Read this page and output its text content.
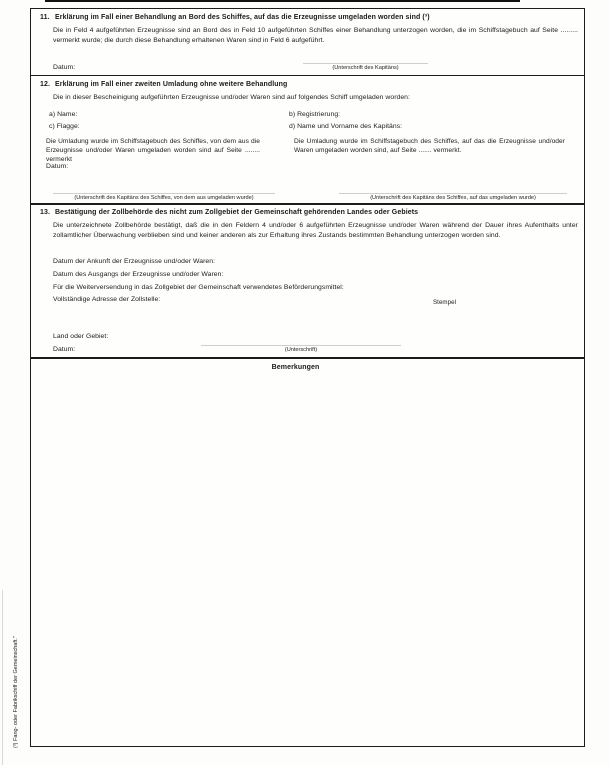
(³) Fang- oder Fabrikschiff der Gemeinschaft."
11. Erklärung im Fall einer Behandlung an Bord des Schiffes, auf das die Erzeugnisse umgeladen worden sind (³)

Die in Feld 4 aufgeführten Erzeugnisse sind an Bord des in Feld 10 aufgeführten Schiffes einer Behandlung unterzogen worden, die im Schiffstagebuch auf Seite ......... vermerkt wurde; die durch diese Behandlung erhaltenen Waren sind in Feld 6 aufgeführt.

Datum:	(Unterschrift des Kapitäns)
12. Erklärung im Fall einer zweiten Umladung ohne weitere Behandlung
Die in dieser Bescheinigung aufgeführten Erzeugnisse und/oder Waren sind auf folgendes Schiff umgeladen worden:
a) Name:	b) Registrierung:
c) Flagge:	d) Name und Vorname des Kapitäns:

Die Umladung wurde im Schiffstagebuch des Schiffes, von dem aus die Erzeugnisse und/oder Waren umgeladen worden sind auf Seite ........ vermerkt

Die Umladung wurde im Schiffstagebuch des Schiffes, auf das die Erzeugnisse und/oder Waren umgeladen worden sind, auf Seite ....... vermerkt.

Datum:
(Unterschrift des Kapitäns des Schiffes, von dem aus umgeladen wurde)	(Unterschrift des Kapitäns des Schiffes, auf das umgeladen wurde)
13. Bestätigung der Zollbehörde des nicht zum Zollgebiet der Gemeinschaft gehörenden Landes oder Gebiets

Die unterzeichnete Zollbehörde bestätigt, daß die in den Feldern 4 und/oder 6 aufgeführten Erzeugnisse und/oder Waren während der Dauer ihres Aufenthalts unter zollamtlicher Überwachung verblieben sind und keiner anderen als zur Erhaltung ihres Zustands bestimmten Behandlung unterzogen worden sind.

Datum der Ankunft der Erzeugnisse und/oder Waren:
Datum des Ausgangs der Erzeugnisse und/oder Waren:
Für die Weiterversendung in das Zollgebiet der Gemeinschaft verwendetes Beförderungsmittel:
Vollständige Adresse der Zollstelle:	Stempel
Land oder Gebiet:
Datum:	(Unterschrift)
Bemerkungen
